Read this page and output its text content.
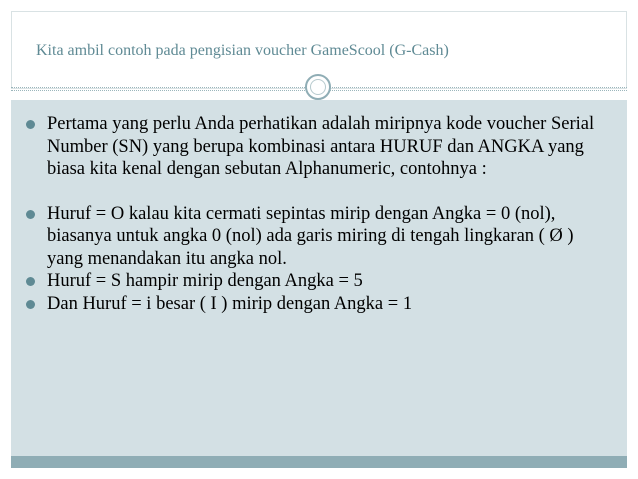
Kita ambil contoh pada pengisian voucher GameScool (G-Cash)
Pertama yang perlu Anda perhatikan adalah miripnya kode voucher Serial Number (SN) yang berupa kombinasi antara HURUF dan ANGKA yang biasa kita kenal dengan sebutan Alphanumeric, contohnya :
Huruf = O kalau kita cermati sepintas mirip dengan Angka = 0 (nol), biasanya untuk angka 0 (nol) ada garis miring di tengah lingkaran ( Ø ) yang menandakan itu angka nol.
Huruf = S hampir mirip dengan Angka = 5
Dan Huruf = i besar ( I ) mirip dengan Angka = 1
